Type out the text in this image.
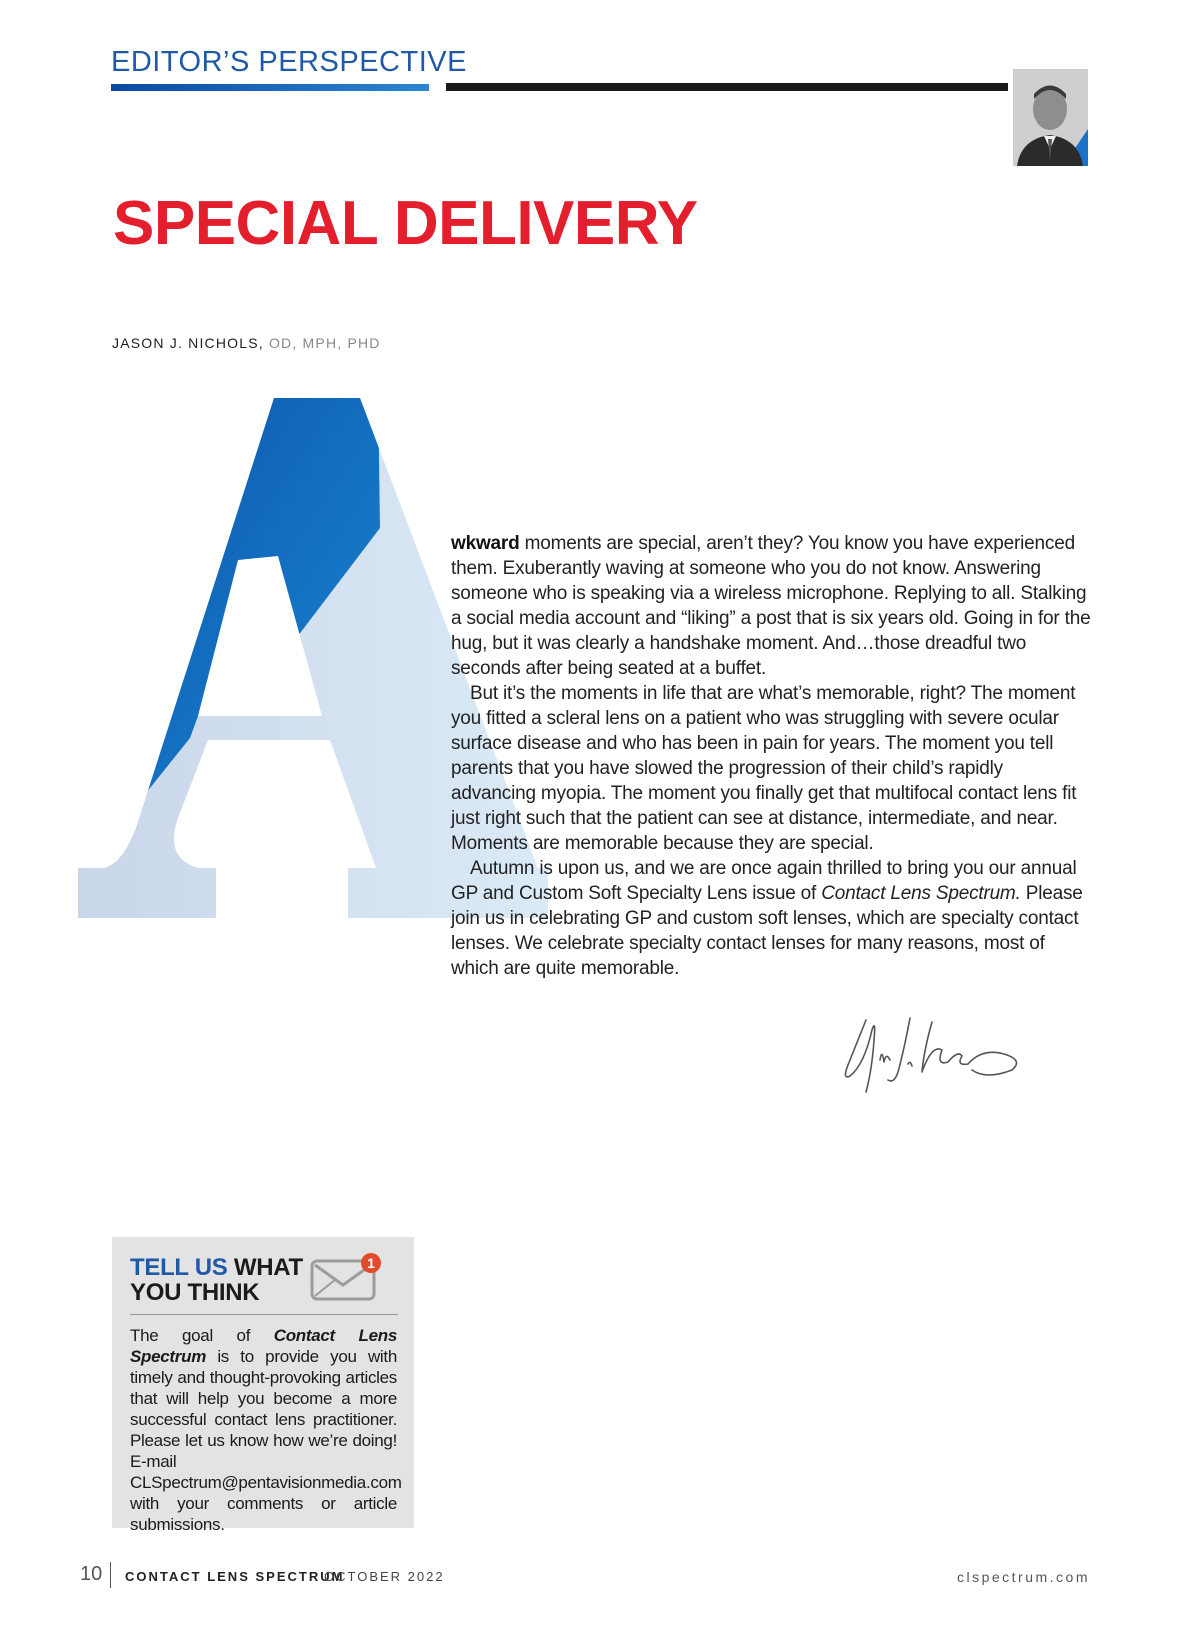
EDITOR’S PERSPECTIVE
SPECIAL DELIVERY
JASON J. NICHOLS, OD, MPH, PHD

wkward moments are special, aren’t they? You know you have experienced them. Exuberantly waving at someone who you do not know. Answering someone who is speaking via a wireless microphone. Replying to all. Stalking a social media account and “liking” a post that is six years old. Going in for the hug, but it was clearly a handshake moment. And…those dreadful two seconds after being seated at a buffet.

But it’s the moments in life that are what’s memorable, right? The moment you fitted a scleral lens on a patient who was struggling with severe ocular surface disease and who has been in pain for years. The moment you tell parents that you have slowed the progression of their child’s rapidly advancing myopia. The moment you finally get that multifocal contact lens fit just right such that the patient can see at distance, intermediate, and near. Moments are memorable because they are special.

Autumn is upon us, and we are once again thrilled to bring you our annual GP and Custom Soft Specialty Lens issue of Contact Lens Spectrum. Please join us in celebrating GP and custom soft lenses, which are specialty contact lenses. We celebrate specialty contact lenses for many reasons, most of which are quite memorable.

TELL US WHAT
YOU THINK
1
The goal of Contact Lens Spectrum is to provide you with timely and thought-provoking articles that will help you become a more successful contact lens practitioner. Please let us know how we’re doing! E-mail CLSpectrum@pentavisionmedia.com with your comments or article submissions.
10 CONTACT LENS SPECTRUM
OCTOBER 2022	clspectrum.com
